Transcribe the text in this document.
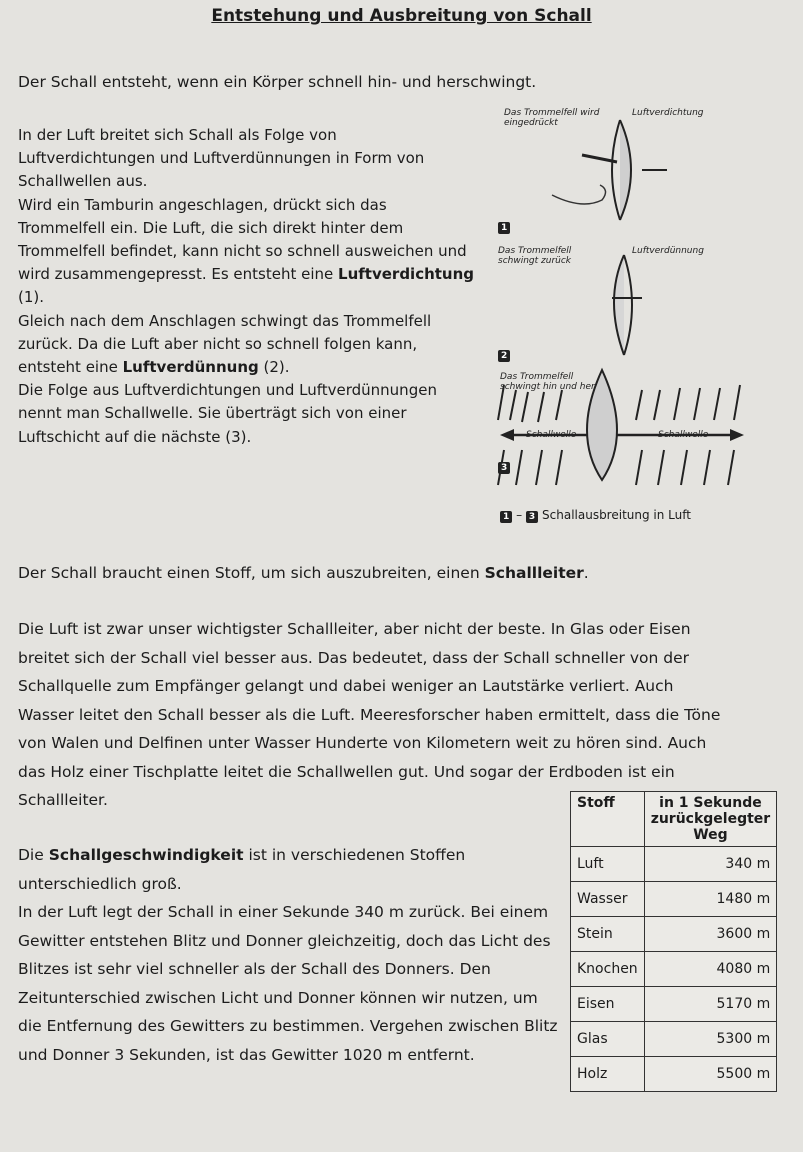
Entstehung und Ausbreitung von Schall

Der Schall entsteht, wenn ein Körper schnell hin- und herschwingt.

In der Luft breitet sich Schall als Folge von Luftverdichtungen und Luftverdünnungen in Form von Schallwellen aus.
Wird ein Tamburin angeschlagen, drückt sich das Trommelfell ein. Die Luft, die sich direkt hinter dem Trommelfell befindet, kann nicht so schnell ausweichen und wird zusammengepresst. Es entsteht eine Luftverdichtung (1).
Gleich nach dem Anschlagen schwingt das Trommelfell zurück. Da die Luft aber nicht so schnell folgen kann, entsteht eine Luftverdünnung (2).
Die Folge aus Luftverdichtungen und Luftverdünnungen nennt man Schallwelle. Sie überträgt sich von einer Luftschicht auf die nächste (3).
Das Trommelfell wird eingedrückt
Luftverdichtung
1
Das Trommelfell schwingt zurück
Luftverdünnung
2
Das Trommelfell schwingt hin und her
Schallwelle	Schallwelle
3
1 – 3 Schallausbreitung in Luft

Der Schall braucht einen Stoff, um sich auszubreiten, einen Schallleiter.

Die Luft ist zwar unser wichtigster Schallleiter, aber nicht der beste. In Glas oder Eisen breitet sich der Schall viel besser aus. Das bedeutet, dass der Schall schneller von der Schallquelle zum Empfänger gelangt und dabei weniger an Lautstärke verliert. Auch Wasser leitet den Schall besser als die Luft. Meeresforscher haben ermittelt, dass die Töne von Walen und Delfinen unter Wasser Hunderte von Kilometern weit zu hören sind. Auch das Holz einer Tischplatte leitet die Schallwellen gut. Und sogar der Erdboden ist ein Schallleiter.

Die Schallgeschwindigkeit ist in verschiedenen Stoffen unterschiedlich groß.
In der Luft legt der Schall in einer Sekunde 340 m zurück. Bei einem Gewitter entstehen Blitz und Donner gleichzeitig, doch das Licht des Blitzes ist sehr viel schneller als der Schall des Donners. Den Zeitunterschied zwischen Licht und Donner können wir nutzen, um die Entfernung des Gewitters zu bestimmen. Vergehen zwischen Blitz und Donner 3 Sekunden, ist das Gewitter 1020 m entfernt.
Stoff	in 1 Sekunde zurückgelegter Weg
Luft	340 m
Wasser	1480 m
Stein	3600 m
Knochen	4080 m
Eisen	5170 m
Glas	5300 m
Holz	5500 m
